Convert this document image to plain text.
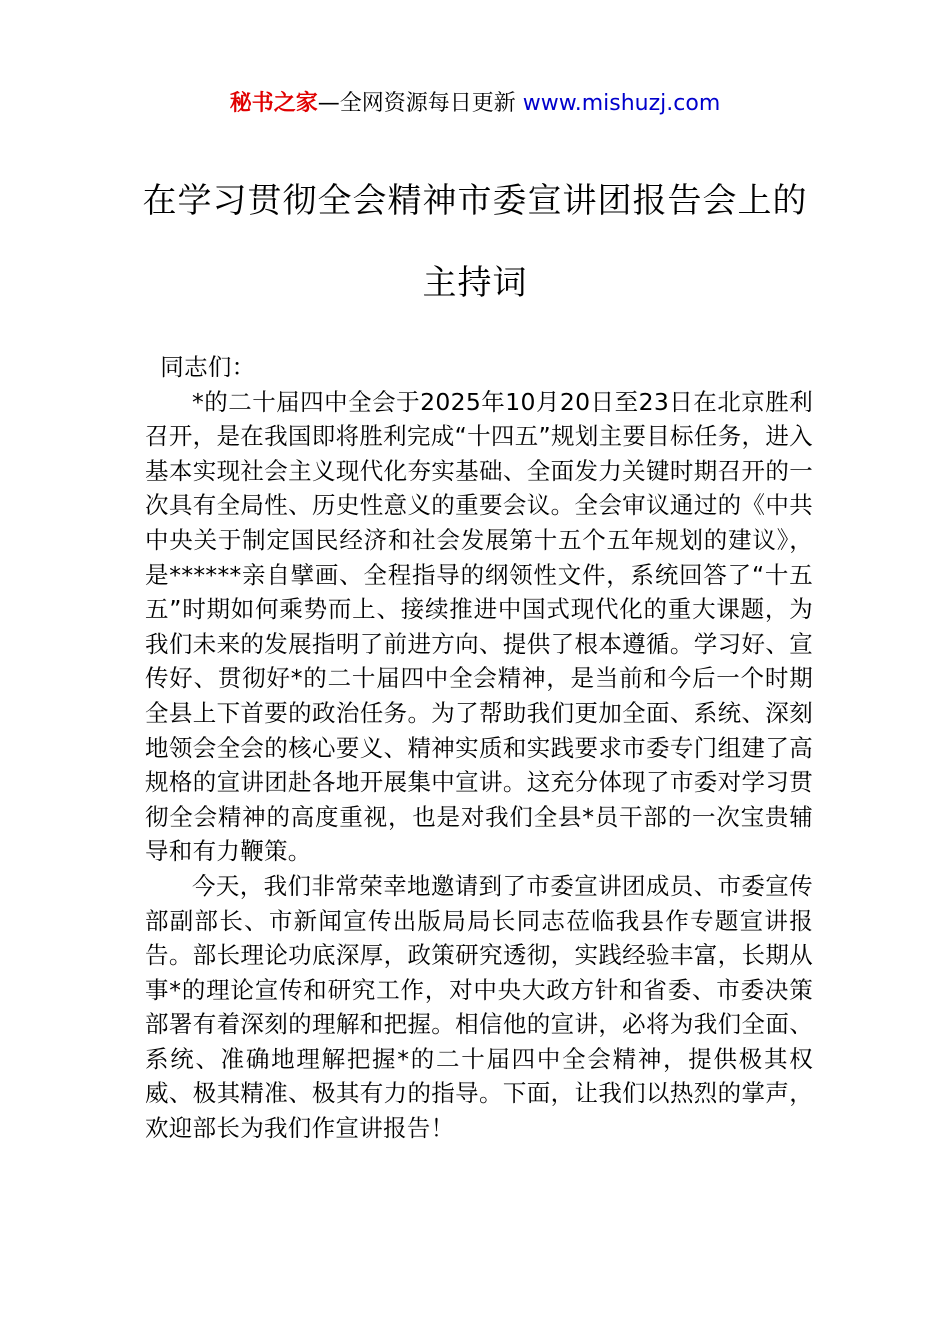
秘书之家—全网资源每日更新 www.mishuzj.com
在学习贯彻全会精神市委宣讲团报告会上的主持词

同志们：

*的二十届四中全会于2025年10月20日至23日在北京胜利召开，是在我国即将胜利完成“十四五”规划主要目标任务，进入基本实现社会主义现代化夯实基础、全面发力关键时期召开的一次具有全局性、历史性意义的重要会议。全会审议通过的《中共中央关于制定国民经济和社会发展第十五个五年规划的建议》，是******亲自擘画、全程指导的纲领性文件，系统回答了“十五五”时期如何乘势而上、接续推进中国式现代化的重大课题，为我们未来的发展指明了前进方向、提供了根本遵循。学习好、宣传好、贯彻好*的二十届四中全会精神，是当前和今后一个时期全县上下首要的政治任务。为了帮助我们更加全面、系统、深刻地领会全会的核心要义、精神实质和实践要求市委专门组建了高规格的宣讲团赴各地开展集中宣讲。这充分体现了市委对学习贯彻全会精神的高度重视，也是对我们全县*员干部的一次宝贵辅导和有力鞭策。

今天，我们非常荣幸地邀请到了市委宣讲团成员、市委宣传部副部长、市新闻宣传出版局局长同志莅临我县作专题宣讲报告。部长理论功底深厚，政策研究透彻，实践经验丰富，长期从事*的理论宣传和研究工作，对中央大政方针和省委、市委决策部署有着深刻的理解和把握。相信他的宣讲，必将为我们全面、系统、准确地理解把握*的二十届四中全会精神，提供极其权威、极其精准、极其有力的指导。下面，让我们以热烈的掌声，欢迎部长为我们作宣讲报告！
